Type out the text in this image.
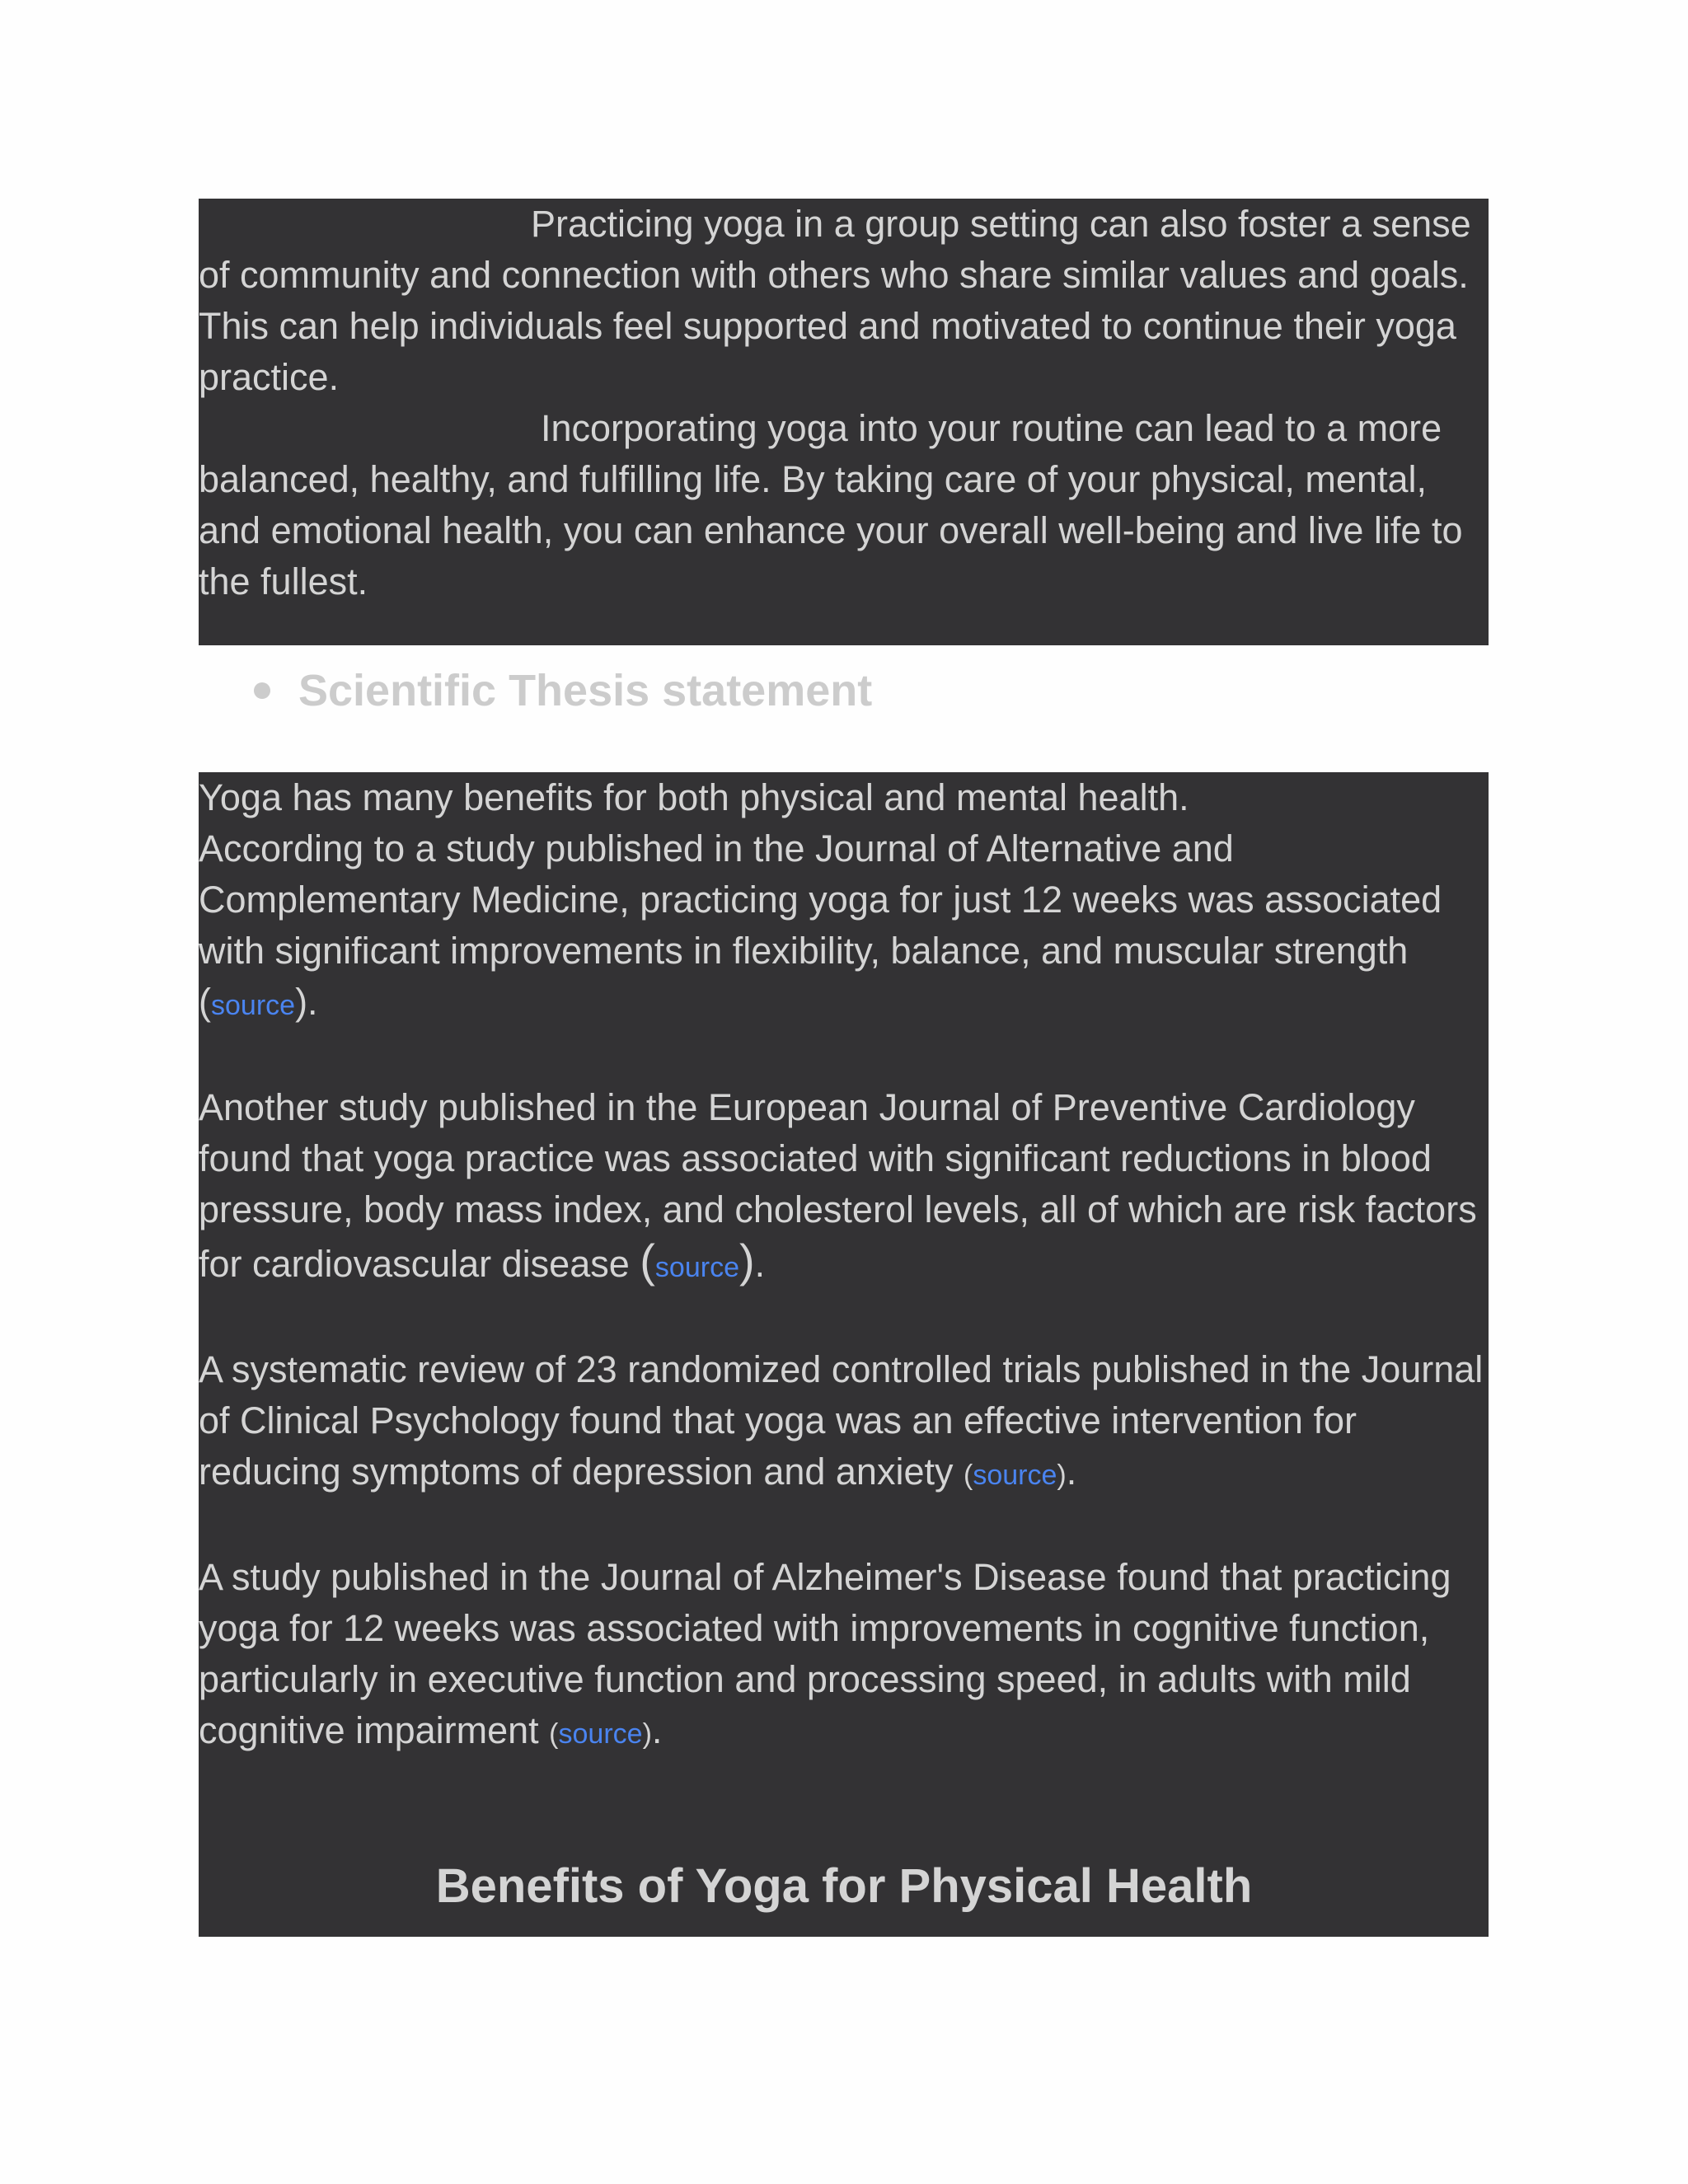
Practicing yoga in a group setting can also foster a sense of community and connection with others who share similar values and goals. This can help individuals feel supported and motivated to continue their yoga practice.

Incorporating yoga into your routine can lead to a more balanced, healthy, and fulfilling life. By taking care of your physical, mental, and emotional health, you can enhance your overall well-being and live life to the fullest.

Scientific Thesis statement

Yoga has many benefits for both physical and mental health.

According to a study published in the Journal of Alternative and Complementary Medicine, practicing yoga for just 12 weeks was associated with significant improvements in flexibility, balance, and muscular strength (source).

Another study published in the European Journal of Preventive Cardiology found that yoga practice was associated with significant reductions in blood pressure, body mass index, and cholesterol levels, all of which are risk factors for cardiovascular disease (source).

A systematic review of 23 randomized controlled trials published in the Journal of Clinical Psychology found that yoga was an effective intervention for reducing symptoms of depression and anxiety (source).

A study published in the Journal of Alzheimer's Disease found that practicing yoga for 12 weeks was associated with improvements in cognitive function, particularly in executive function and processing speed, in adults with mild cognitive impairment (source).

Benefits of Yoga for Physical Health
